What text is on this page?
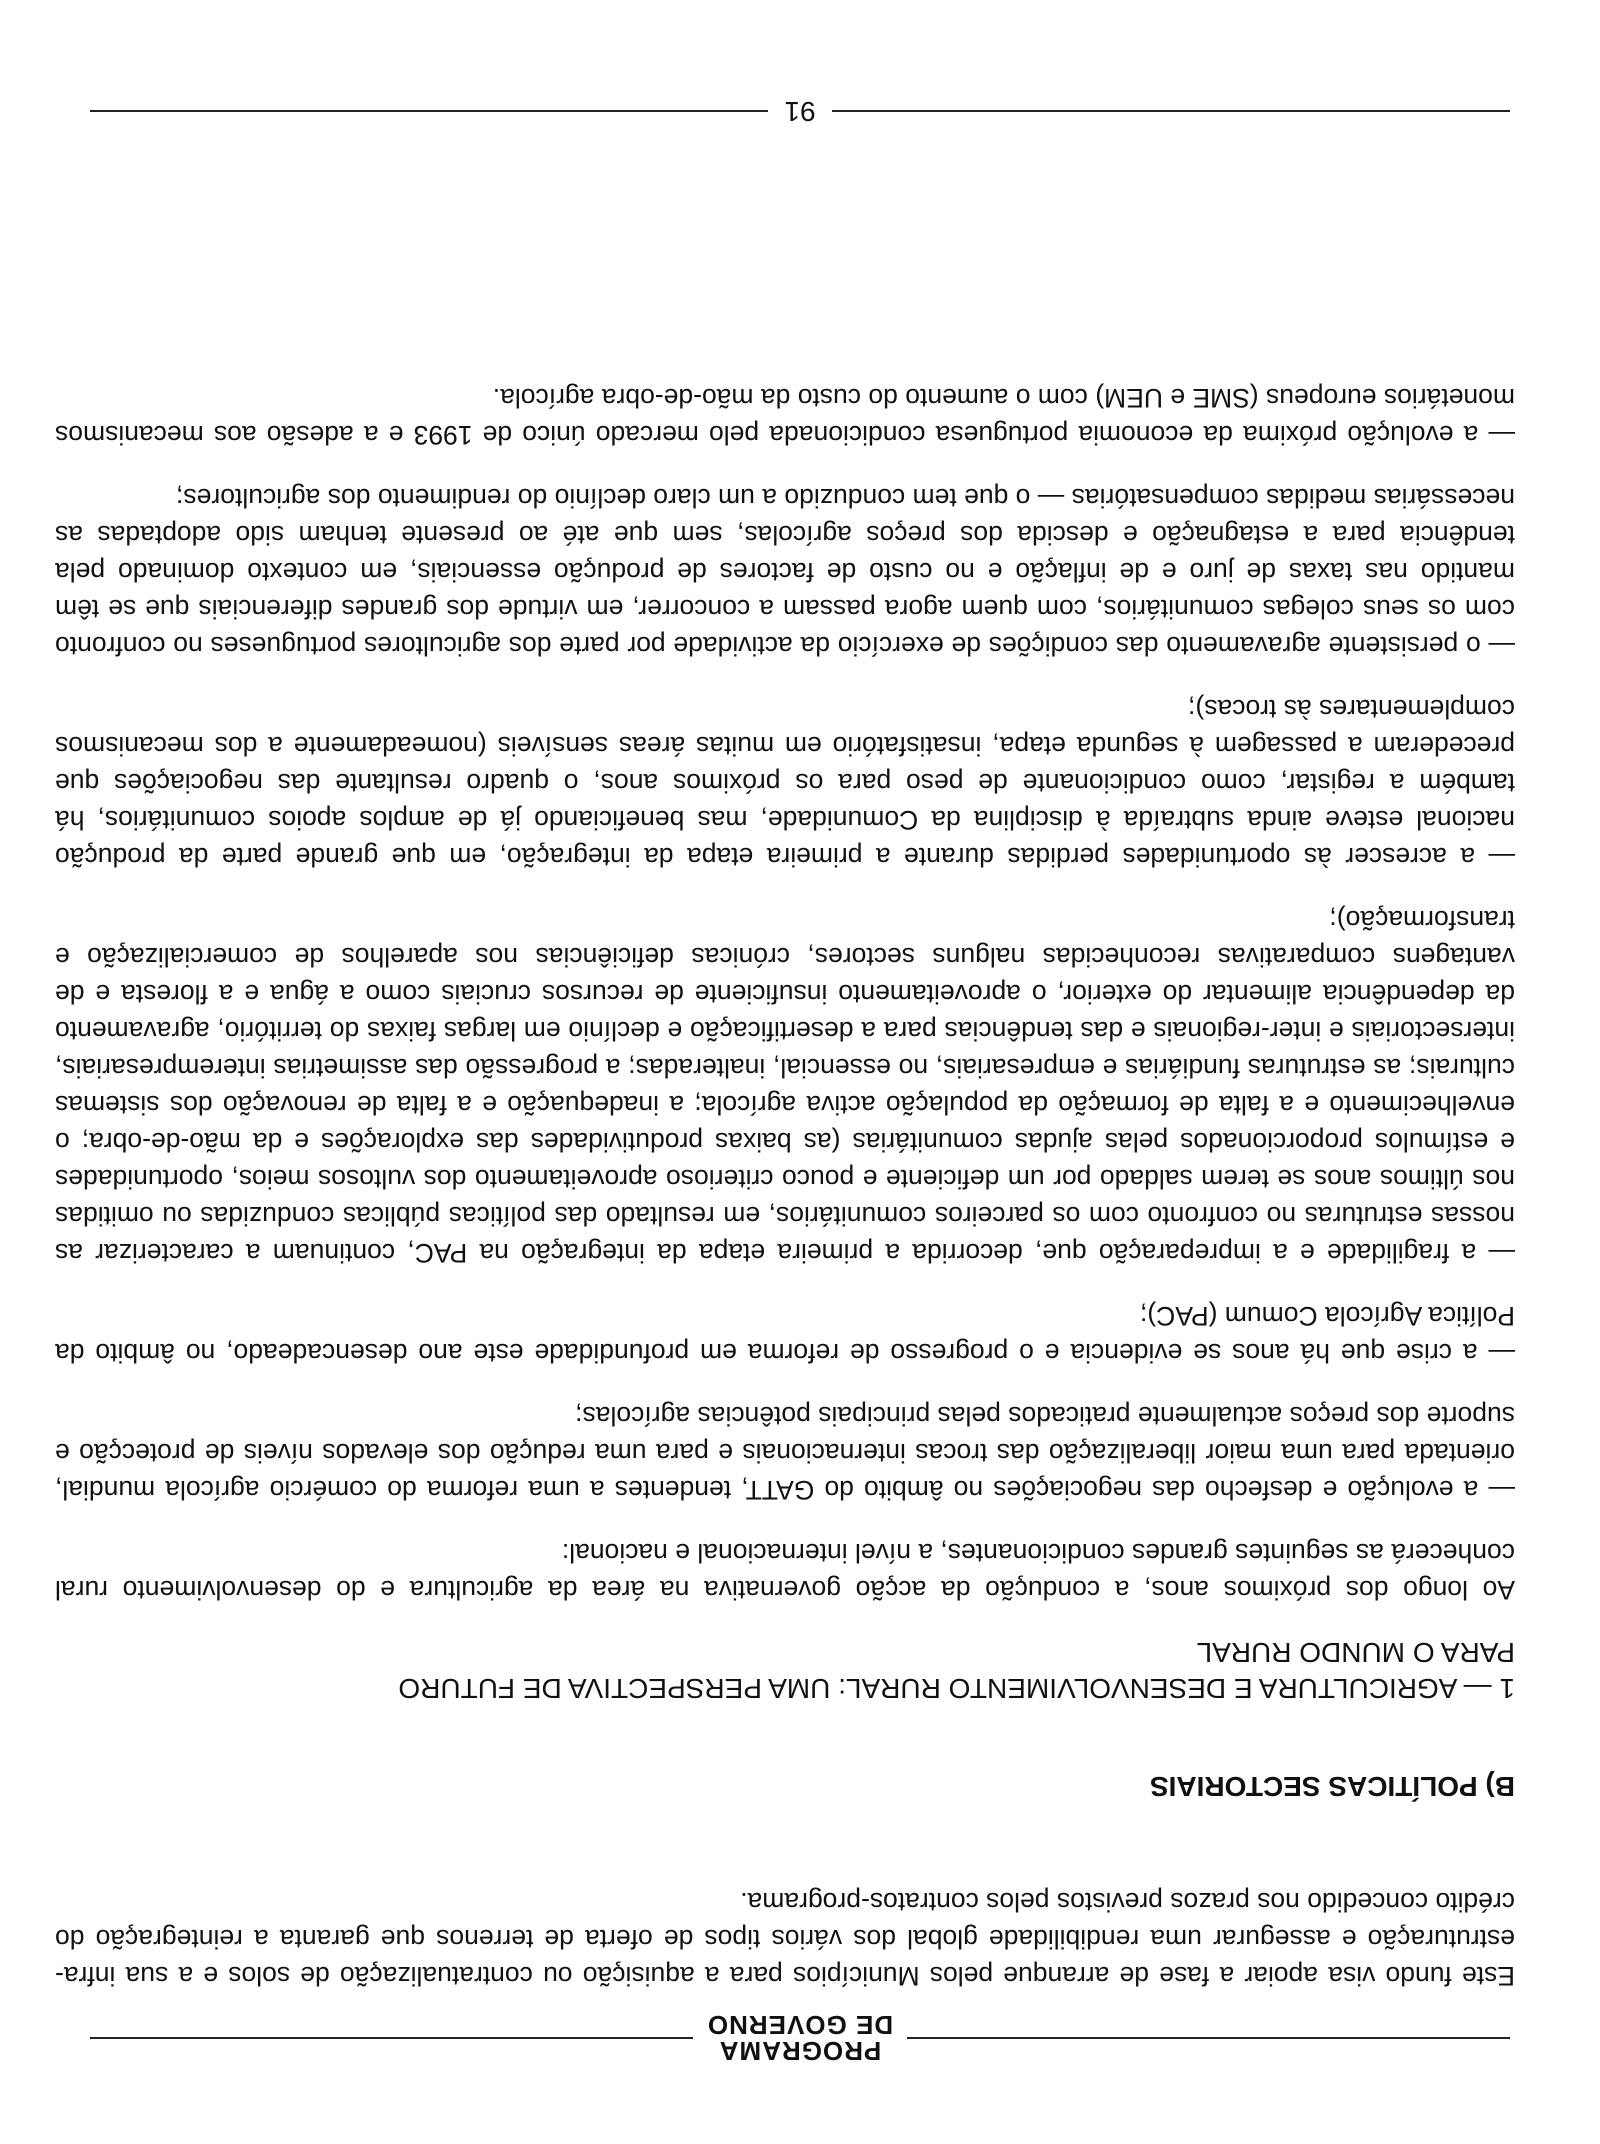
PROGRAMA
DE GOVERNO

Este fundo visa apoiar a fase de arranque pelos Municípios para a aquisição ou contratualização de solos e a sua infra-estruturação e assegurar uma rendibilidade global dos vários tipos de oferta de terrenos que garanta a reintegração do crédito concedido nos prazos previstos pelos contratos-programa.

B) POLÍTICAS SECTORIAIS

1 — AGRICULTURA E DESENVOLVIMENTO RURAL: UMA PERSPECTIVA DE FUTURO
PARA O MUNDO RURAL

Ao longo dos próximos anos, a condução da acção governativa na área da agricultura e do desenvolvimento rural conhecerá as seguintes grandes condicionantes, a nível internacional e nacional:

— a evolução e desfecho das negociações no âmbito do GATT, tendentes a uma reforma do comércio agrícola mundial, orientada para uma maior liberalização das trocas internacionais e para uma redução dos elevados níveis de protecção e suporte dos preços actualmente praticados pelas principais potências agrícolas;

— a crise que há anos se evidencia e o progresso de reforma em profundidade este ano desencadeado, no âmbito da Política Agrícola Comum (PAC);

— a fragilidade e a impreparação que, decorrida a primeira etapa da integração na PAC, continuam a caracterizar as nossas estruturas no confronto com os parceiros comunitários, em resultado das políticas públicas conduzidas ou omitidas nos últimos anos se terem saldado por um deficiente e pouco criterioso aproveitamento dos vultosos meios, oportunidades e estímulos proporcionados pelas ajudas comunitárias (as baixas produtividades das explorações e da mão-de-obra; o envelhecimento e a falta de formação da população activa agrícola; a inadequação e a falta de renovação dos sistemas culturais; as estruturas fundiárias e empresariais, no essencial, inalteradas; a progressão das assimetrias interempresariais, intersectoriais e inter-regionais e das tendências para a desertificação e declínio em largas faixas do território, agravamento da dependência alimentar do exterior, o aproveitamento insuficiente de recursos cruciais como a água e a floresta e de vantagens comparativas reconhecidas nalguns sectores, crónicas deficiências nos aparelhos de comercialização e transformação);

— a acrescer às oportunidades perdidas durante a primeira etapa da integração, em que grande parte da produção nacional esteve ainda subtraída à disciplina da Comunidade, mas beneficiando já de amplos apoios comunitários, há também a registar, como condicionante de peso para os próximos anos, o quadro resultante das negociações que precederam a passagem à segunda etapa, insatisfatório em muitas áreas sensíveis (nomeadamente a dos mecanismos complementares às trocas);

— o persistente agravamento das condições de exercício da actividade por parte dos agricultores portugueses no confronto com os seus colegas comunitários, com quem agora passam a concorrer, em virtude dos grandes diferenciais que se têm mantido nas taxas de juro e de inflação e no custo de factores de produção essenciais, em contexto dominado pela tendência para a estagnação e descida dos preços agrícolas, sem que até ao presente tenham sido adoptadas as necessárias medidas compensatórias — o que tem conduzido a um claro declínio do rendimento dos agricultores;

— a evolução próxima da economia portuguesa condicionada pelo mercado único de 1993 e a adesão aos mecanismos monetários europeus (SME e UEM) com o aumento do custo da mão-de-obra agrícola.

91
